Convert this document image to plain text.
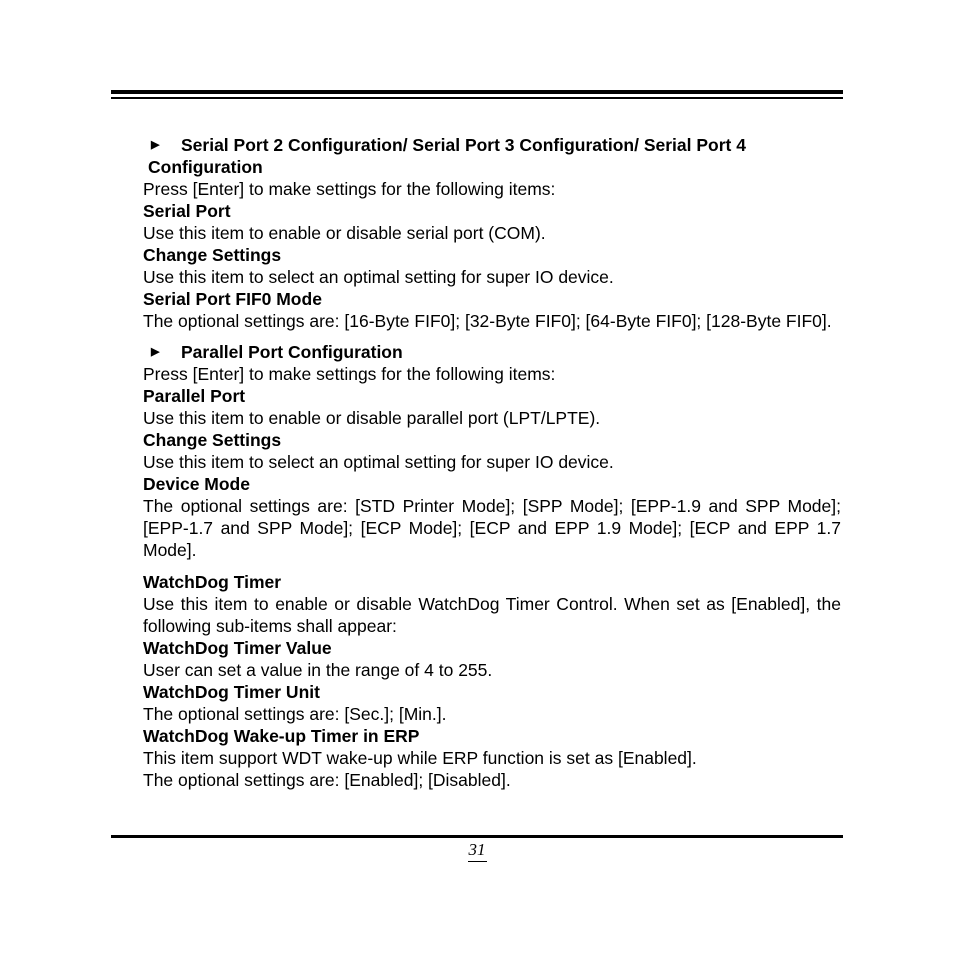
▶ Serial Port 2 Configuration/ Serial Port 3 Configuration/ Serial Port 4

Configuration

Press [Enter] to make settings for the following items:

Serial Port

Use this item to enable or disable serial port (COM).

Change Settings

Use this item to select an optimal setting for super IO device.

Serial Port FIF0 Mode

The optional settings are: [16-Byte FIF0]; [32-Byte FIF0]; [64-Byte FIF0]; [128-Byte FIF0].

▶ Parallel Port Configuration

Press [Enter] to make settings for the following items:

Parallel Port

Use this item to enable or disable parallel port (LPT/LPTE).

Change Settings

Use this item to select an optimal setting for super IO device.

Device Mode

The optional settings are: [STD Printer Mode]; [SPP Mode]; [EPP-1.9 and SPP Mode]; [EPP-1.7 and SPP Mode]; [ECP Mode]; [ECP and EPP 1.9 Mode]; [ECP and EPP 1.7 Mode].

WatchDog Timer

Use this item to enable or disable WatchDog Timer Control. When set as [Enabled], the following sub-items shall appear:

WatchDog Timer Value

User can set a value in the range of 4 to 255.

WatchDog Timer Unit

The optional settings are: [Sec.]; [Min.].

WatchDog Wake-up Timer in ERP

This item support WDT wake-up while ERP function is set as [Enabled].

The optional settings are: [Enabled]; [Disabled].

31
